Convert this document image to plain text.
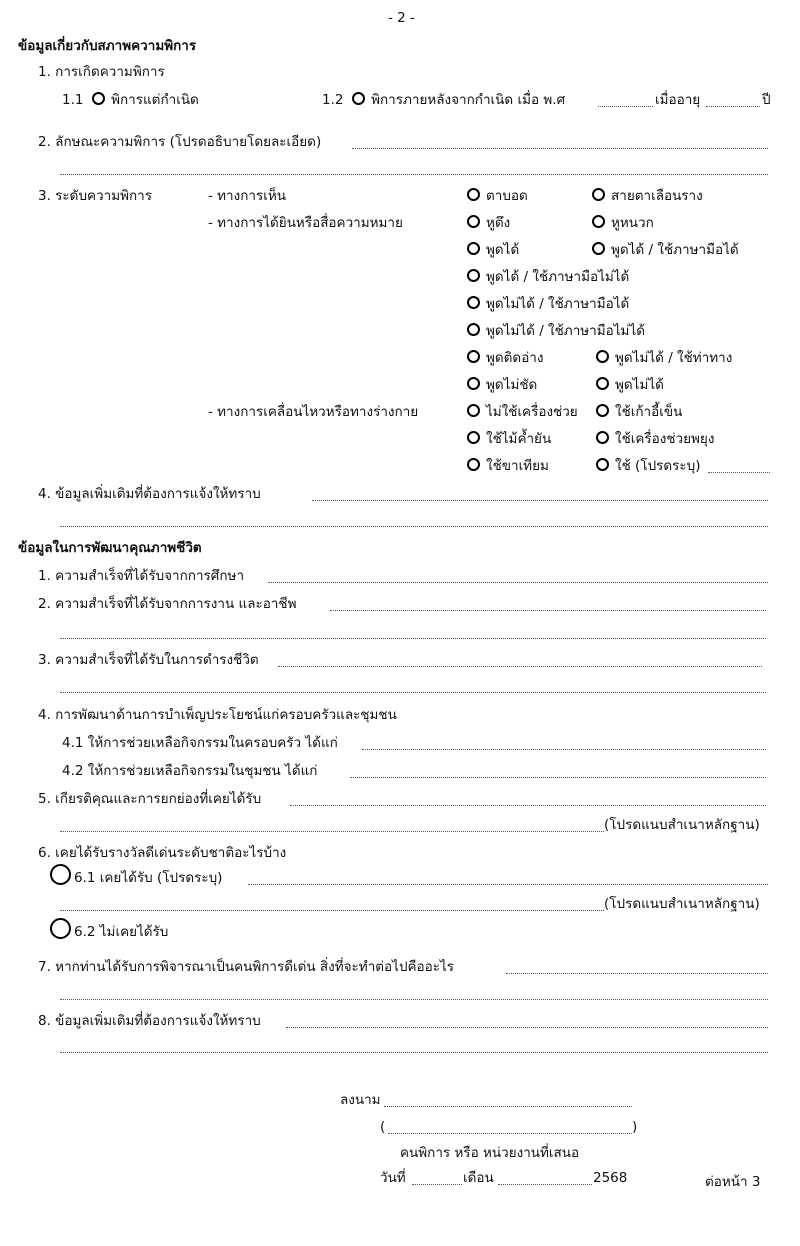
- 2 -
ข้อมูลเกี่ยวกับสภาพความพิการ
1. การเกิดความพิการ
1.1 พิการแต่กำเนิด	1.2 พิการภายหลังจากกำเนิด เมื่อ พ.ศ	เมื่ออายุ	ปี
2. ลักษณะความพิการ (โปรดอธิบายโดยละเอียด)
3. ระดับความพิการ	- ทางการเห็น	ตาบอด	สายตาเลือนราง
- ทางการได้ยินหรือสื่อความหมาย	หูตึง	หูหนวก
พูดได้	พูดได้ / ใช้ภาษามือได้
พูดได้ / ใช้ภาษามือไม่ได้
พูดไม่ได้ / ใช้ภาษามือได้
พูดไม่ได้ / ใช้ภาษามือไม่ได้
พูดติดอ่าง	พูดไม่ได้ / ใช้ท่าทาง
พูดไม่ชัด	พูดไม่ได้
- ทางการเคลื่อนไหวหรือทางร่างกาย	ไม่ใช้เครื่องช่วย	ใช้เก้าอี้เข็น
ใช้ไม้ค้ำยัน	ใช้เครื่องช่วยพยุง
ใช้ขาเทียม	ใช้ (โปรดระบุ)
4. ข้อมูลเพิ่มเติมที่ต้องการแจ้งให้ทราบ
ข้อมูลในการพัฒนาคุณภาพชีวิต
1. ความสำเร็จที่ได้รับจากการศึกษา
2. ความสำเร็จที่ได้รับจากการงาน และอาชีพ
3. ความสำเร็จที่ได้รับในการดำรงชีวิต
4. การพัฒนาด้านการบำเพ็ญประโยชน์แก่ครอบครัวและชุมชน
4.1 ให้การช่วยเหลือกิจกรรมในครอบครัว ได้แก่
4.2 ให้การช่วยเหลือกิจกรรมในชุมชน ได้แก่
5. เกียรติคุณและการยกย่องที่เคยได้รับ
(โปรดแนบสำเนาหลักฐาน)
6. เคยได้รับรางวัลดีเด่นระดับชาติอะไรบ้าง
6.1 เคยได้รับ (โปรดระบุ)
(โปรดแนบสำเนาหลักฐาน)
6.2 ไม่เคยได้รับ
7. หากท่านได้รับการพิจารณาเป็นคนพิการดีเด่น สิ่งที่จะทำต่อไปคืออะไร
8. ข้อมูลเพิ่มเติมที่ต้องการแจ้งให้ทราบ
ลงนาม
(	)
คนพิการ หรือ หน่วยงานที่เสนอ
วันที่	เดือน	2568	ต่อหน้า 3
